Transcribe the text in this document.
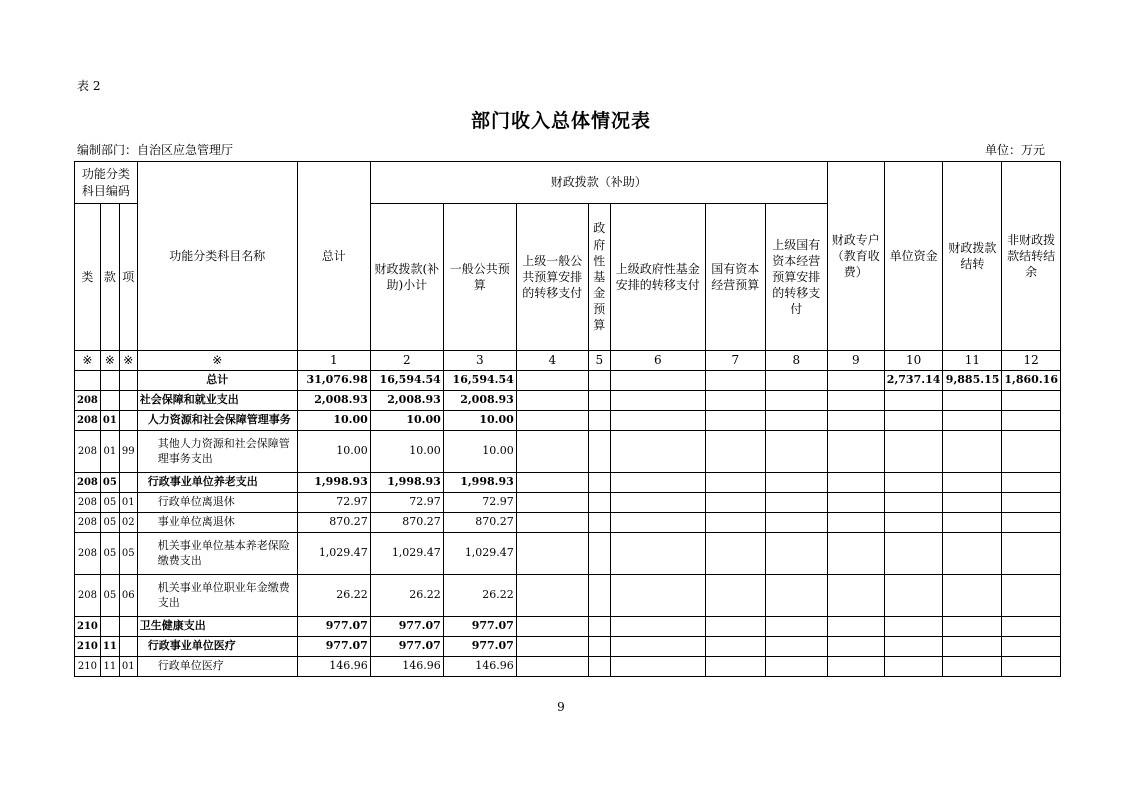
表 2
部门收入总体情况表
编制部门：自治区应急管理厅	单位：万元
功能分类科目编码			功能分类科目名称	总计	财政拨款（补助）							财政专户（教育收费）	单位资金	财政拨款结转	非财政拨款结转结余
类	款	项			财政拨款(补助)小计	一般公共预算	上级一般公共预算安排的转移支付	政府性基金预算	上级政府性基金安排的转移支付	国有资本经营预算	上级国有资本经营预算安排的转移支付				

※	※	※	※	1	2	3	4	5	6	7	8	9	10	11	12
			总计	31,076.98	16,594.54	16,594.54							2,737.14	9,885.15	1,860.16
208			社会保障和就业支出	2,008.93	2,008.93	2,008.93									
208	01		人力资源和社会保障管理事务	10.00	10.00	10.00									
208	01	99	其他人力资源和社会保障管理事务支出	10.00	10.00	10.00									
208	05		行政事业单位养老支出	1,998.93	1,998.93	1,998.93									
208	05	01	行政单位离退休	72.97	72.97	72.97									
208	05	02	事业单位离退休	870.27	870.27	870.27									
208	05	05	机关事业单位基本养老保险缴费支出	1,029.47	1,029.47	1,029.47									
208	05	06	机关事业单位职业年金缴费支出	26.22	26.22	26.22									
210			卫生健康支出	977.07	977.07	977.07									
210	11		行政事业单位医疗	977.07	977.07	977.07									
210	11	01	行政单位医疗	146.96	146.96	146.96									
9
